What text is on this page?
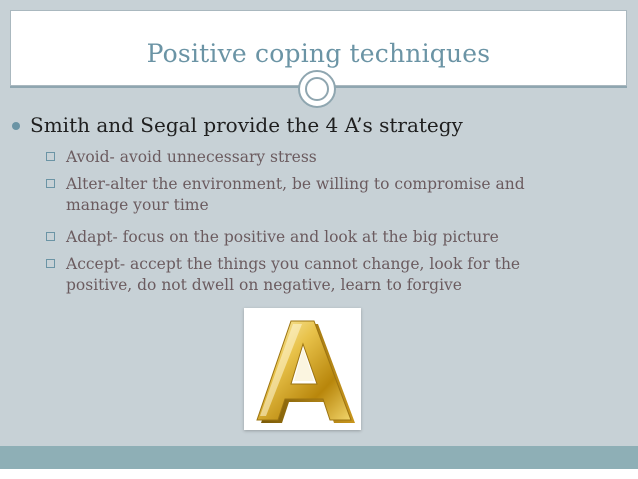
Positive coping techniques
Smith and Segal provide the 4 A’s strategy
Avoid- avoid unnecessary stress
Alter-alter the environment, be willing to compromise and manage your time
Adapt- focus on the positive and look at the big picture
Accept- accept the things you cannot change, look for the positive, do not dwell on negative, learn to forgive
